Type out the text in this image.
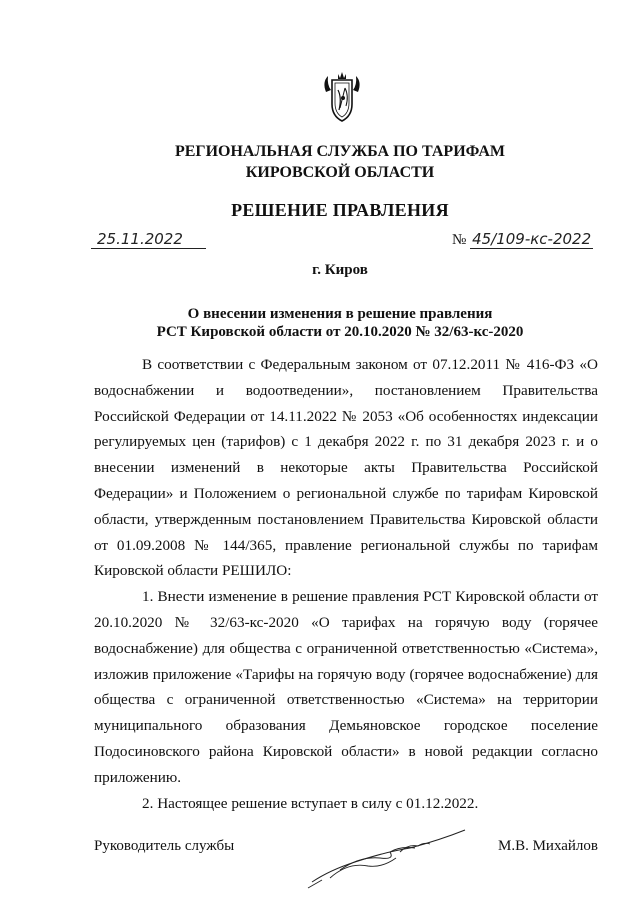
РЕГИОНАЛЬНАЯ СЛУЖБА ПО ТАРИФАМ
КИРОВСКОЙ ОБЛАСТИ
РЕШЕНИЕ ПРАВЛЕНИЯ
25.11.2022	№ 45/109-кс-2022
г. Киров
О внесении изменения в решение правления
РСТ Кировской области от 20.10.2020 № 32/63-кс-2020

В соответствии с Федеральным законом от 07.12.2011 № 416-ФЗ «О водоснабжении и водоотведении», постановлением Правительства Российской Федерации от 14.11.2022 № 2053 «Об особенностях индексации регулируемых цен (тарифов) с 1 декабря 2022 г. по 31 декабря 2023 г. и о внесении изменений в некоторые акты Правительства Российской Федерации» и Положением о региональной службе по тарифам Кировской области, утвержденным постановлением Правительства Кировской области от 01.09.2008 № 144/365, правление региональной службы по тарифам Кировской области РЕШИЛО:

1. Внести изменение в решение правления РСТ Кировской области от 20.10.2020 № 32/63-кс-2020 «О тарифах на горячую воду (горячее водоснабжение) для общества с ограниченной ответственностью «Система», изложив приложение «Тарифы на горячую воду (горячее водоснабжение) для общества с ограниченной ответственностью «Система» на территории муниципального образования Демьяновское городское поселение Подосиновского района Кировской области» в новой редакции согласно приложению.

2. Настоящее решение вступает в силу с 01.12.2022.

Руководитель службы	М.В. Михайлов
